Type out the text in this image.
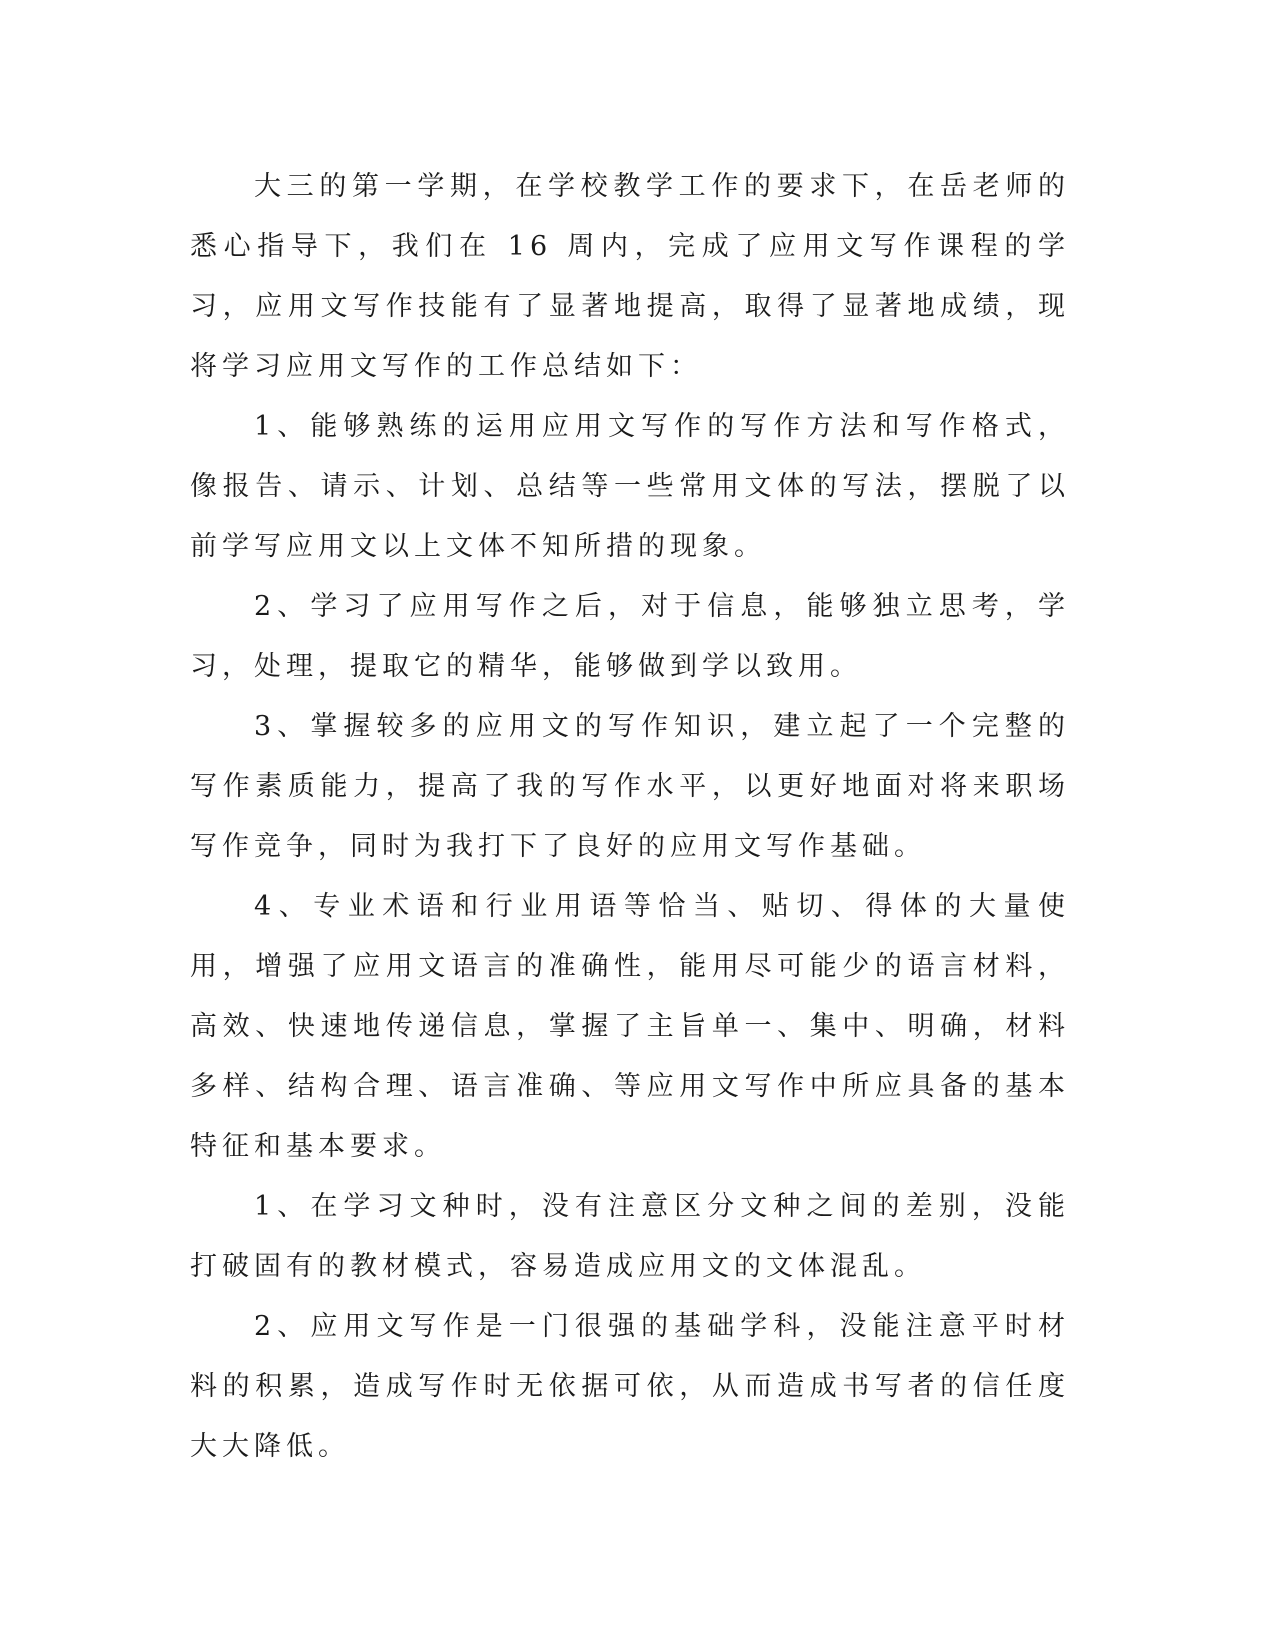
大三的第一学期，在学校教学工作的要求下，在岳老师的悉心指导下，我们在 16 周内，完成了应用文写作课程的学习，应用文写作技能有了显著地提高，取得了显著地成绩，现将学习应用文写作的工作总结如下：

1、能够熟练的运用应用文写作的写作方法和写作格式，像报告、请示、计划、总结等一些常用文体的写法，摆脱了以前学写应用文以上文体不知所措的现象。

2、学习了应用写作之后，对于信息，能够独立思考，学习，处理，提取它的精华，能够做到学以致用。

3、掌握较多的应用文的写作知识，建立起了一个完整的写作素质能力，提高了我的写作水平，以更好地面对将来职场写作竞争，同时为我打下了良好的应用文写作基础。

4、专业术语和行业用语等恰当、贴切、得体的大量使用，增强了应用文语言的准确性，能用尽可能少的语言材料，高效、快速地传递信息，掌握了主旨单一、集中、明确，材料多样、结构合理、语言准确、等应用文写作中所应具备的基本特征和基本要求。

1、在学习文种时，没有注意区分文种之间的差别，没能打破固有的教材模式，容易造成应用文的文体混乱。

2、应用文写作是一门很强的基础学科，没能注意平时材料的积累，造成写作时无依据可依，从而造成书写者的信任度大大降低。
